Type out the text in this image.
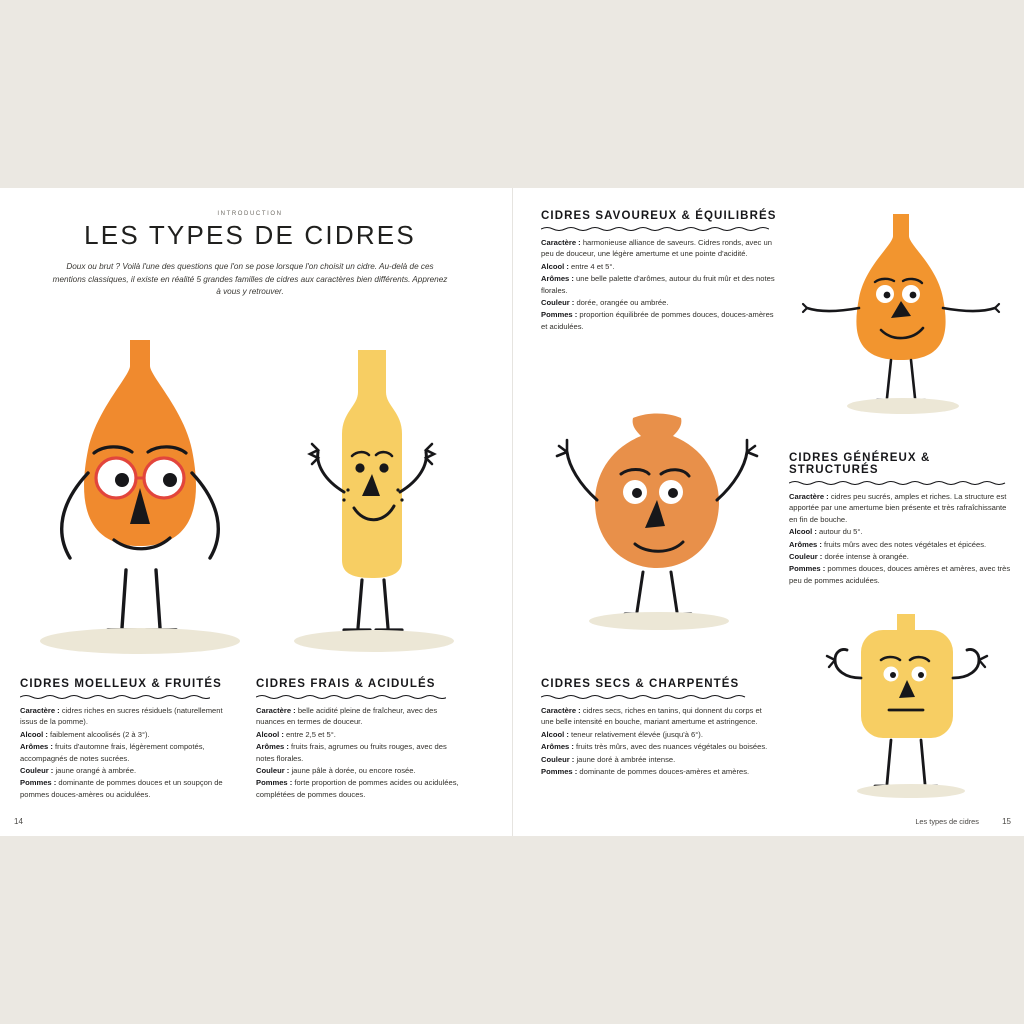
INTRODUCTION
LES TYPES DE CIDRES
Doux ou brut ? Voilà l'une des questions que l'on se pose lorsque l'on choisit un cidre. Au-delà de ces mentions classiques, il existe en réalité 5 grandes familles de cidres aux caractères bien différents. Apprenez à vous y retrouver.
CIDRES MOELLEUX & FRUITÉS

Caractère : cidres riches en sucres résiduels (naturellement issus de la pomme).

Alcool : faiblement alcoolisés (2 à 3°).

Arômes : fruits d'automne frais, légèrement compotés, accompagnés de notes sucrées.

Couleur : jaune orangé à ambrée.

Pommes : dominante de pommes douces et un soupçon de pommes douces-amères ou acidulées.

CIDRES FRAIS & ACIDULÉS

Caractère : belle acidité pleine de fraîcheur, avec des nuances en termes de douceur.

Alcool : entre 2,5 et 5°.

Arômes : fruits frais, agrumes ou fruits rouges, avec des notes florales.

Couleur : jaune pâle à dorée, ou encore rosée.

Pommes : forte proportion de pommes acides ou acidulées, complétées de pommes douces.

14
CIDRES SAVOUREUX & ÉQUILIBRÉS

Caractère : harmonieuse alliance de saveurs. Cidres ronds, avec un peu de douceur, une légère amertume et une pointe d'acidité.

Alcool : entre 4 et 5°.

Arômes : une belle palette d'arômes, autour du fruit mûr et des notes florales.

Couleur : dorée, orangée ou ambrée.

Pommes : proportion équilibrée de pommes douces, douces-amères et acidulées.

CIDRES GÉNÉREUX & STRUCTURÉS

Caractère : cidres peu sucrés, amples et riches. La structure est apportée par une amertume bien présente et très rafraîchissante en fin de bouche.

Alcool : autour du 5°.

Arômes : fruits mûrs avec des notes végétales et épicées.

Couleur : dorée intense à orangée.

Pommes : pommes douces, douces amères et amères, avec très peu de pommes acidulées.

CIDRES SECS & CHARPENTÉS

Caractère : cidres secs, riches en tanins, qui donnent du corps et une belle intensité en bouche, mariant amertume et astringence.

Alcool : teneur relativement élevée (jusqu'à 6°).

Arômes : fruits très mûrs, avec des nuances végétales ou boisées.

Couleur : jaune doré à ambrée intense.

Pommes : dominante de pommes douces-amères et amères.

Les types de cidres	15
